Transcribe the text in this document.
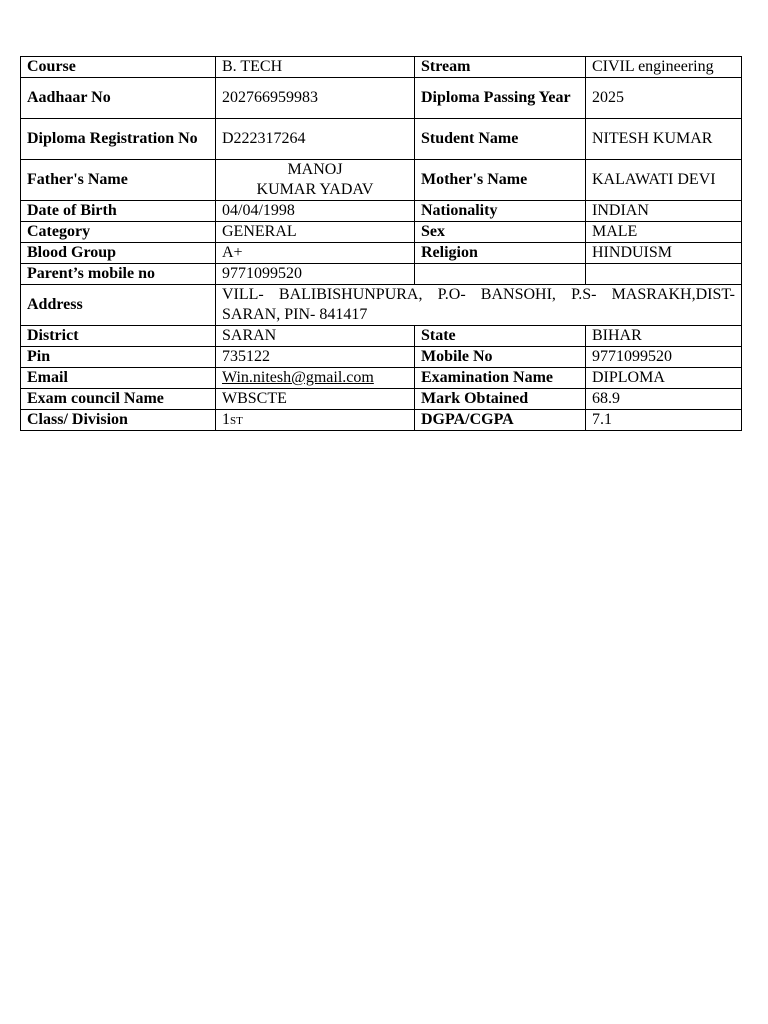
Course	B. TECH	Stream	CIVIL engineering
Aadhaar No	202766959983	Diploma Passing Year	2025
Diploma Registration No	D222317264	Student Name	NITESH KUMAR
Father's Name	MANOJ KUMAR YADAV	Mother's Name	KALAWATI DEVI
Date of Birth	04/04/1998	Nationality	INDIAN
Category	GENERAL	Sex	MALE
Blood Group	A+	Religion	HINDUISM
Parent’s mobile no	9771099520		
Address	VILL- BALIBISHUNPURA, P.O- BANSOHI, P.S- MASRAKH,DIST-SARAN, PIN- 841417		
District	SARAN	State	BIHAR
Pin	735122	Mobile No	9771099520
Email	Win.nitesh@gmail.com	Examination Name	DIPLOMA
Exam council Name	WBSCTE	Mark Obtained	68.9
Class/ Division	1st	DGPA/CGPA	7.1
